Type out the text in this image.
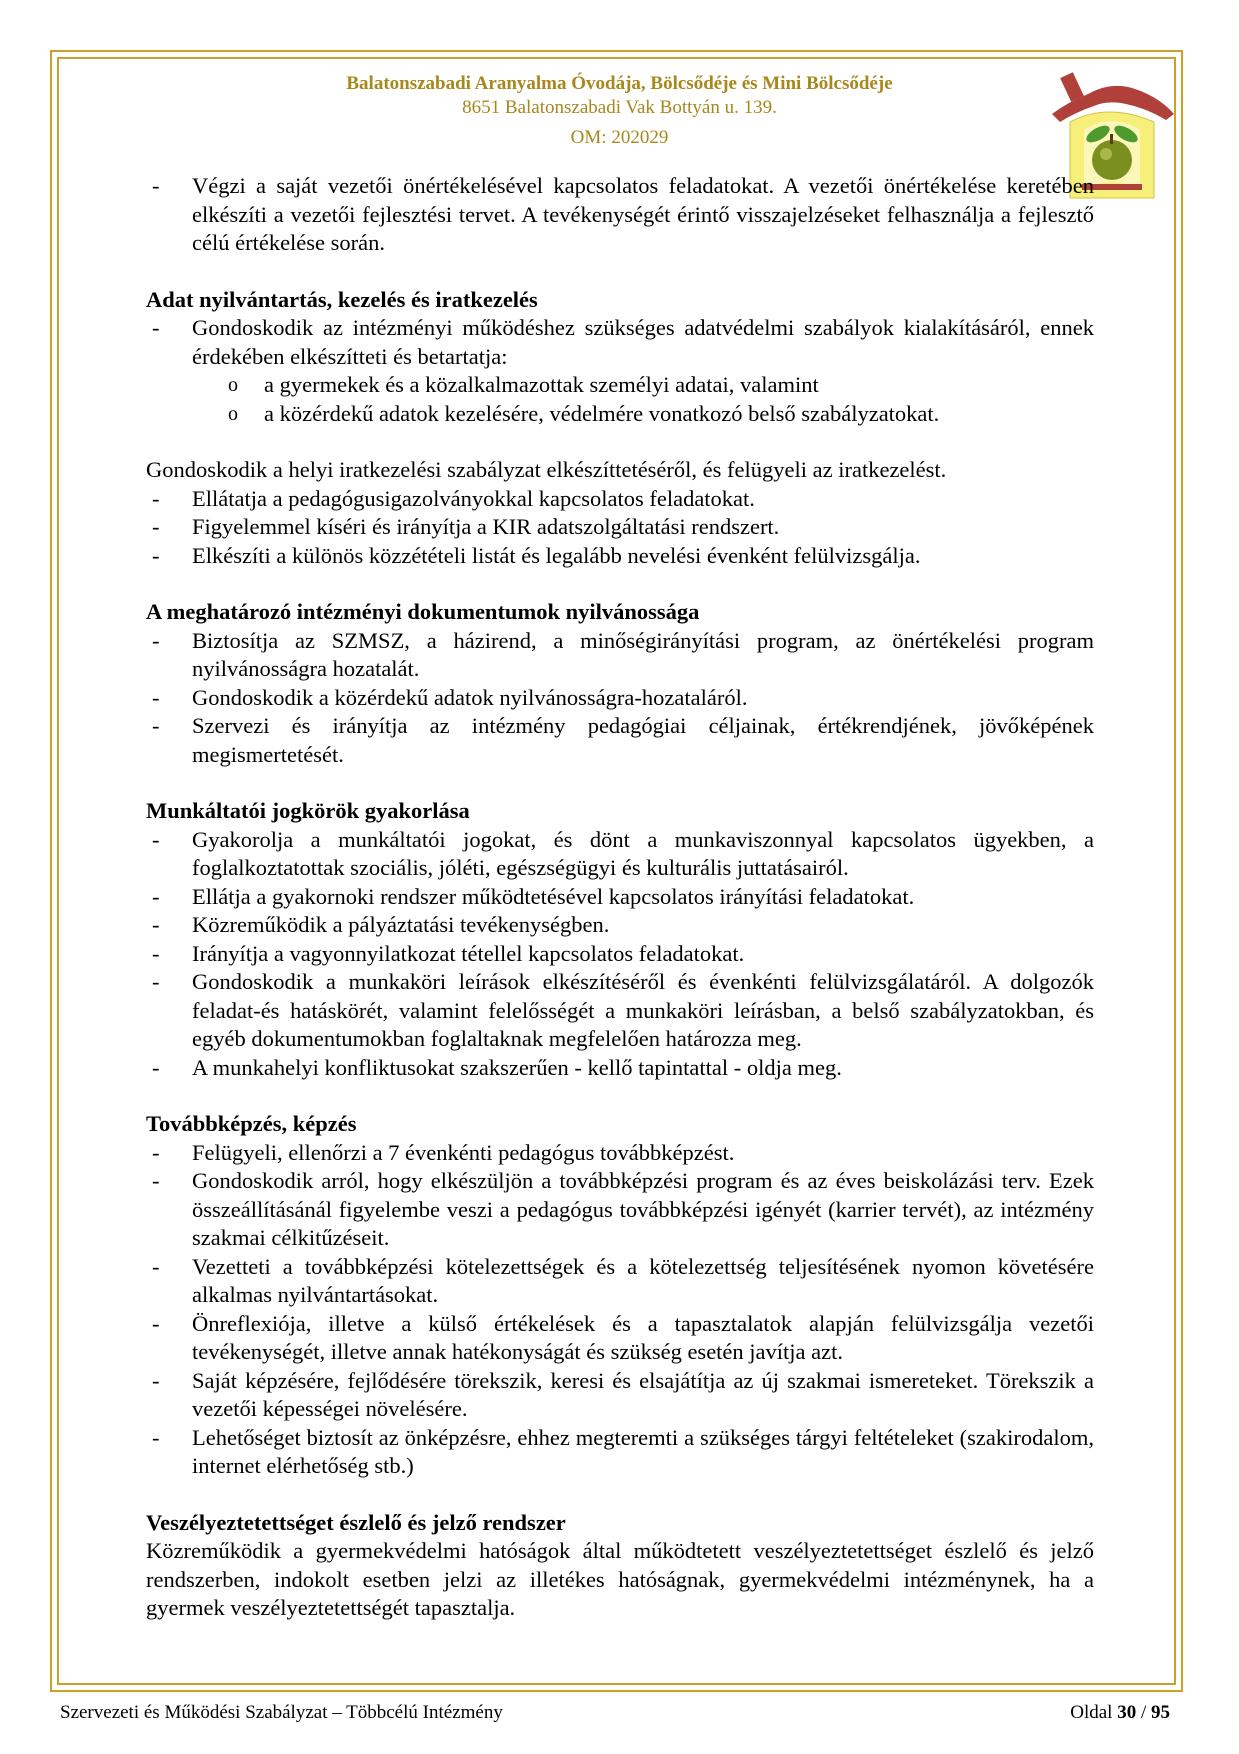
Balatonszabadi Aranyalma Óvodája, Bölcsődéje és Mini Bölcsődéje
8651 Balatonszabadi Vak Bottyán u. 139.
OM: 202029
- Végzi a saját vezetői önértékelésével kapcsolatos feladatokat. A vezetői önértékelése keretében elkészíti a vezetői fejlesztési tervet. A tevékenységét érintő visszajelzéseket felhasználja a fejlesztő célú értékelése során.
Adat nyilvántartás, kezelés és iratkezelés
- Gondoskodik az intézményi működéshez szükséges adatvédelmi szabályok kialakításáról, ennek érdekében elkészítteti és betartatja:
o a gyermekek és a közalkalmazottak személyi adatai, valamint
o a közérdekű adatok kezelésére, védelmére vonatkozó belső szabályzatokat.
Gondoskodik a helyi iratkezelési szabályzat elkészíttetéséről, és felügyeli az iratkezelést.
- Ellátatja a pedagógusigazolványokkal kapcsolatos feladatokat.
- Figyelemmel kíséri és irányítja a KIR adatszolgáltatási rendszert.
- Elkészíti a különös közzétételi listát és legalább nevelési évenként felülvizsgálja.
A meghatározó intézményi dokumentumok nyilvánossága
- Biztosítja az SZMSZ, a házirend, a minőségirányítási program, az önértékelési program nyilvánosságra hozatalát.
- Gondoskodik a közérdekű adatok nyilvánosságra-hozataláról.
- Szervezi és irányítja az intézmény pedagógiai céljainak, értékrendjének, jövőképének megismertetését.
Munkáltatói jogkörök gyakorlása
- Gyakorolja a munkáltatói jogokat, és dönt a munkaviszonnyal kapcsolatos ügyekben, a foglalkoztatottak szociális, jóléti, egészségügyi és kulturális juttatásairól.
- Ellátja a gyakornoki rendszer működtetésével kapcsolatos irányítási feladatokat.
- Közreműködik a pályáztatási tevékenységben.
- Irányítja a vagyonnyilatkozat tétellel kapcsolatos feladatokat.
- Gondoskodik a munkaköri leírások elkészítéséről és évenkénti felülvizsgálatáról. A dolgozók feladat-és hatáskörét, valamint felelősségét a munkaköri leírásban, a belső szabályzatokban, és egyéb dokumentumokban foglaltaknak megfelelően határozza meg.
- A munkahelyi konfliktusokat szakszerűen - kellő tapintattal - oldja meg.
Továbbképzés, képzés
- Felügyeli, ellenőrzi a 7 évenkénti pedagógus továbbképzést.
- Gondoskodik arról, hogy elkészüljön a továbbképzési program és az éves beiskolázási terv. Ezek összeállításánál figyelembe veszi a pedagógus továbbképzési igényét (karrier tervét), az intézmény szakmai célkitűzéseit.
- Vezetteti a továbbképzési kötelezettségek és a kötelezettség teljesítésének nyomon követésére alkalmas nyilvántartásokat.
- Önreflexiója, illetve a külső értékelések és a tapasztalatok alapján felülvizsgálja vezetői tevékenységét, illetve annak hatékonyságát és szükség esetén javítja azt.
- Saját képzésére, fejlődésére törekszik, keresi és elsajátítja az új szakmai ismereteket. Törekszik a vezetői képességei növelésére.
- Lehetőséget biztosít az önképzésre, ehhez megteremti a szükséges tárgyi feltételeket (szakirodalom, internet elérhetőség stb.)
Veszélyeztetettséget észlelő és jelző rendszer
Közreműködik a gyermekvédelmi hatóságok által működtetett veszélyeztetettséget észlelő és jelző rendszerben, indokolt esetben jelzi az illetékes hatóságnak, gyermekvédelmi intézménynek, ha a gyermek veszélyeztetettségét tapasztalja.
Szervezeti és Működési Szabályzat – Többcélú Intézmény	Oldal 30 / 95
